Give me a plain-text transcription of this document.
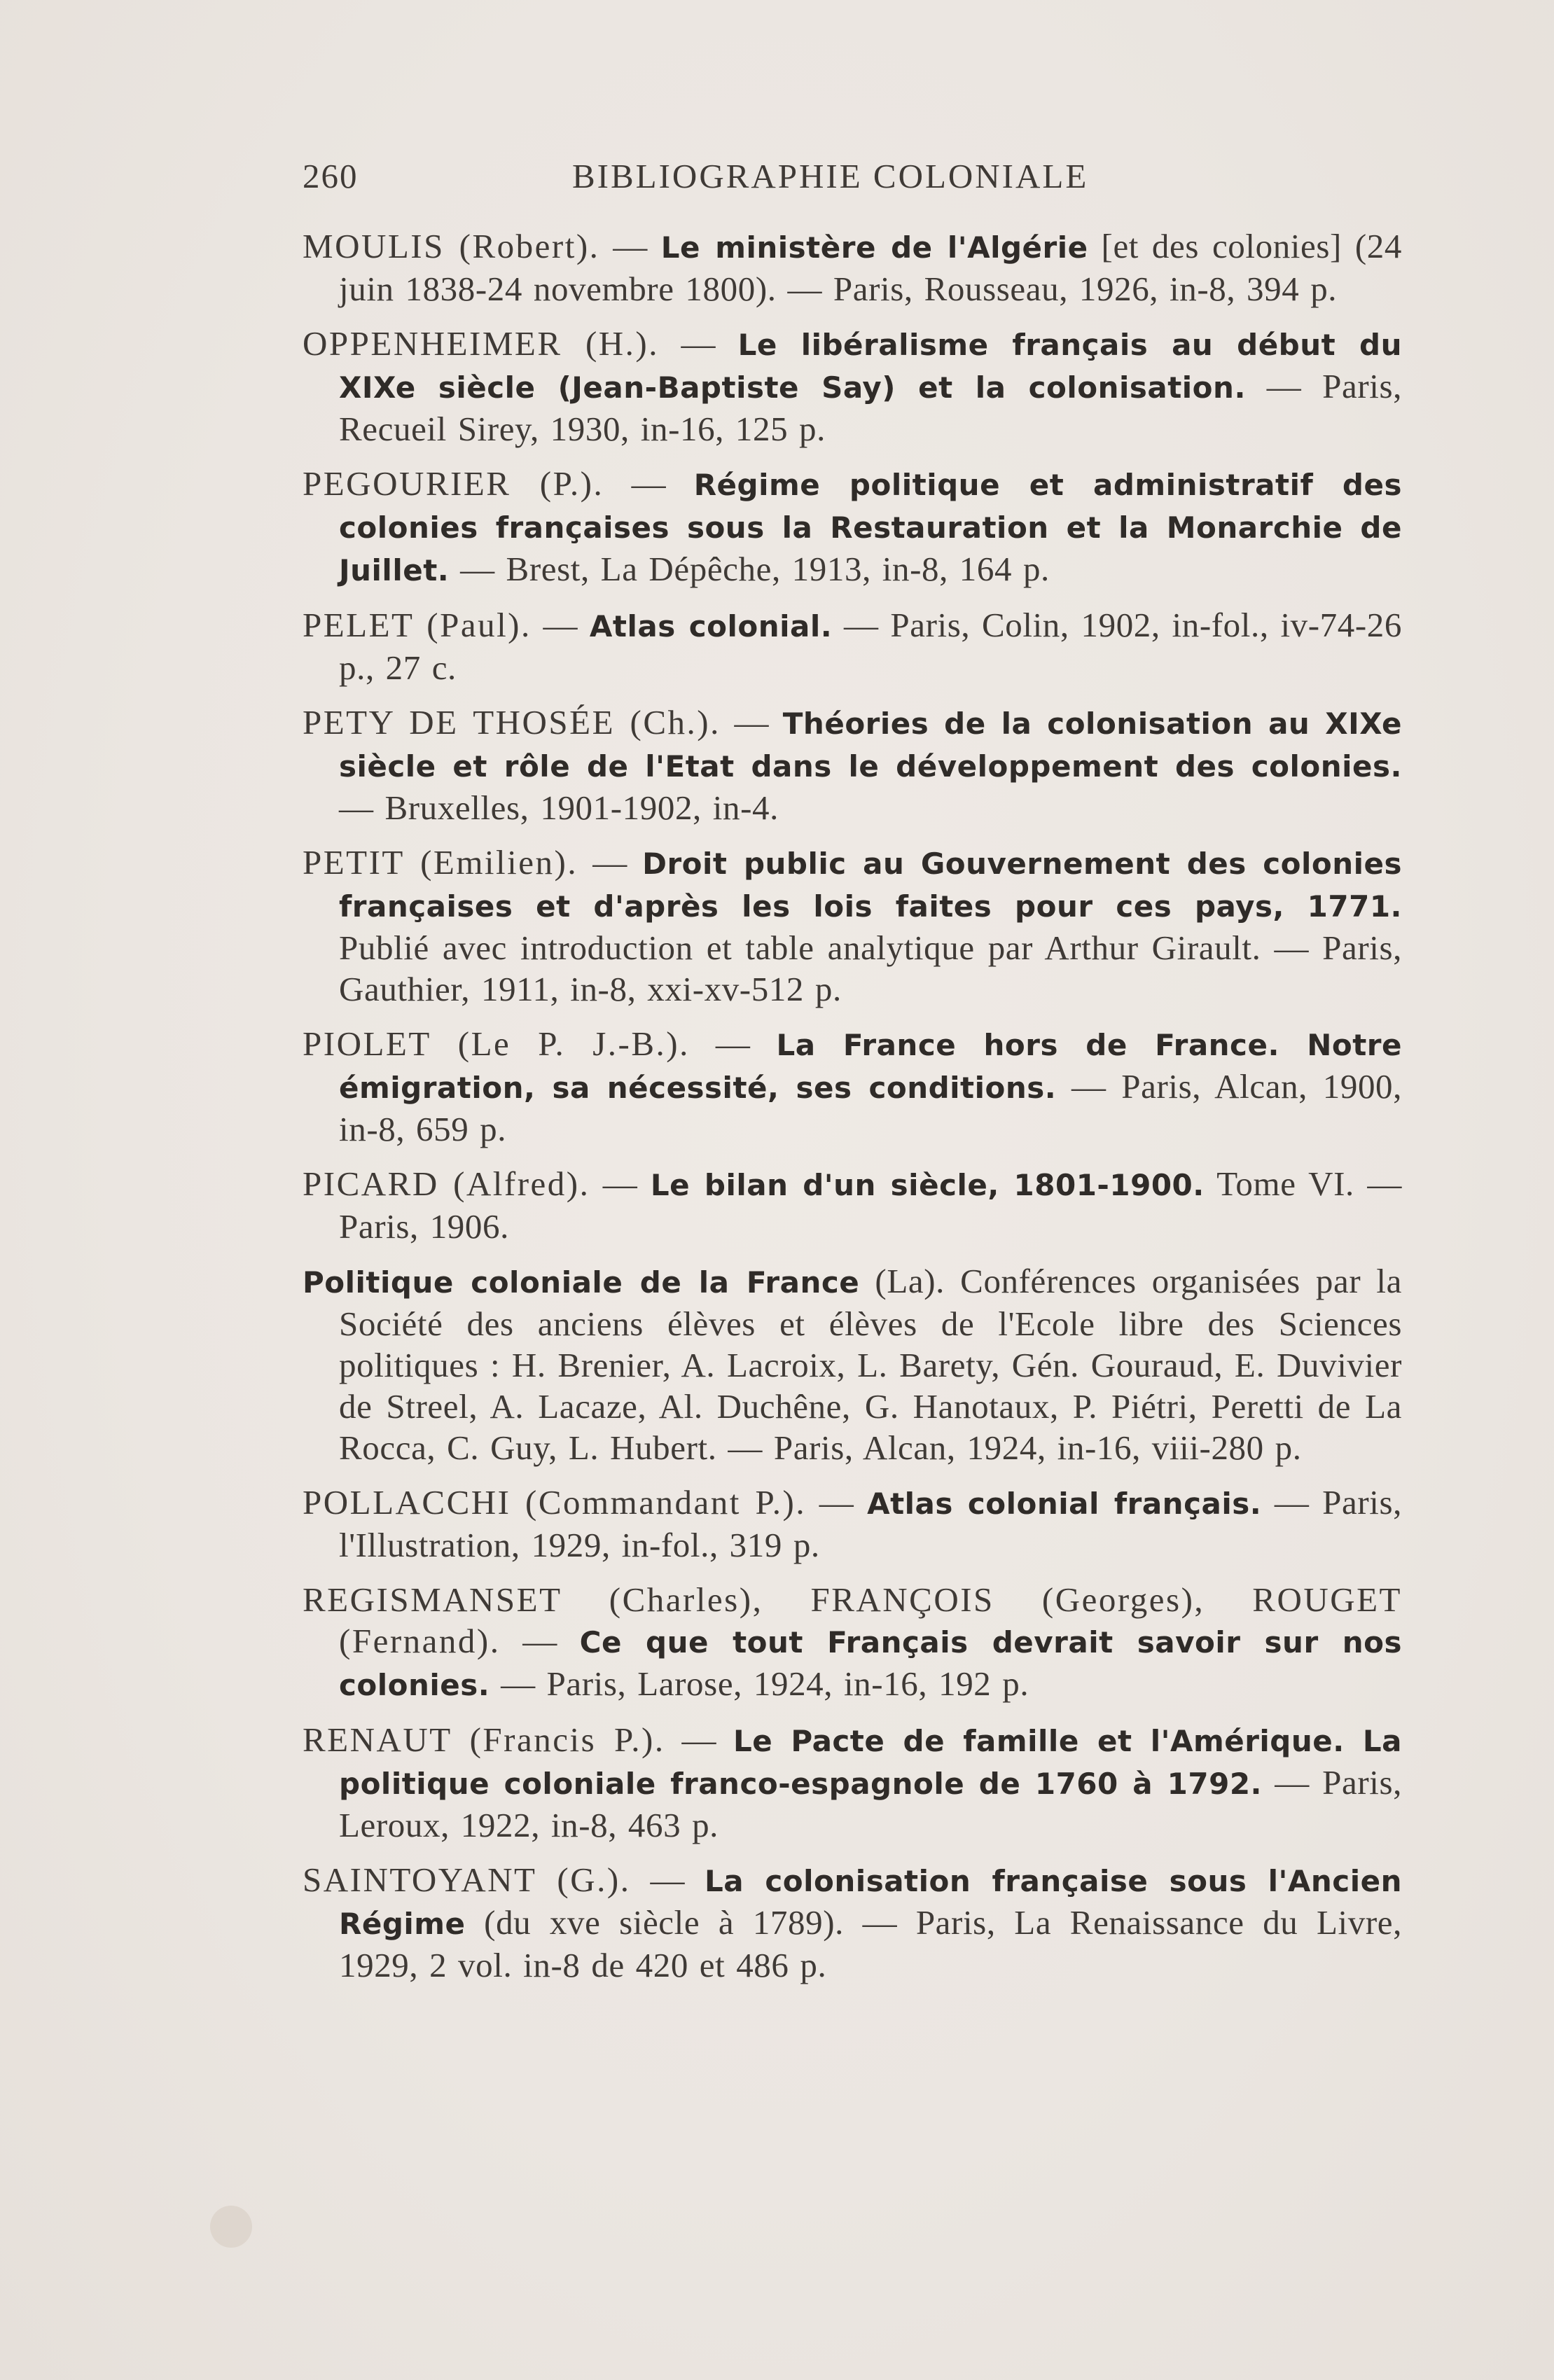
260	BIBLIOGRAPHIE COLONIALE

MOULIS (Robert). — Le ministère de l'Algérie [et des colonies] (24 juin 1838-24 novembre 1800). — Paris, Rousseau, 1926, in-8, 394 p.

OPPENHEIMER (H.). — Le libéralisme français au début du XIXe siècle (Jean-Baptiste Say) et la colonisation. — Paris, Recueil Sirey, 1930, in-16, 125 p.

PEGOURIER (P.). — Régime politique et administratif des colonies françaises sous la Restauration et la Monarchie de Juillet. — Brest, La Dépêche, 1913, in-8, 164 p.

PELET (Paul). — Atlas colonial. — Paris, Colin, 1902, in-fol., iv-74-26 p., 27 c.

PETY DE THOSÉE (Ch.). — Théories de la colonisation au XIXe siècle et rôle de l'Etat dans le développement des colonies. — Bruxelles, 1901-1902, in-4.

PETIT (Emilien). — Droit public au Gouvernement des colonies françaises et d'après les lois faites pour ces pays, 1771. Publié avec introduction et table analytique par Arthur Girault. — Paris, Gauthier, 1911, in-8, xxi-xv-512 p.

PIOLET (Le P. J.-B.). — La France hors de France. Notre émigration, sa nécessité, ses conditions. — Paris, Alcan, 1900, in-8, 659 p.

PICARD (Alfred). — Le bilan d'un siècle, 1801-1900. Tome VI. — Paris, 1906.

Politique coloniale de la France (La). Conférences organisées par la Société des anciens élèves et élèves de l'Ecole libre des Sciences politiques : H. Brenier, A. Lacroix, L. Barety, Gén. Gouraud, E. Duvivier de Streel, A. Lacaze, Al. Duchêne, G. Hanotaux, P. Piétri, Peretti de La Rocca, C. Guy, L. Hubert. — Paris, Alcan, 1924, in-16, viii-280 p.

POLLACCHI (Commandant P.). — Atlas colonial français. — Paris, l'Illustration, 1929, in-fol., 319 p.

REGISMANSET (Charles), FRANÇOIS (Georges), ROUGET (Fernand). — Ce que tout Français devrait savoir sur nos colonies. — Paris, Larose, 1924, in-16, 192 p.

RENAUT (Francis P.). — Le Pacte de famille et l'Amérique. La politique coloniale franco-espagnole de 1760 à 1792. — Paris, Leroux, 1922, in-8, 463 p.

SAINTOYANT (G.). — La colonisation française sous l'Ancien Régime (du xve siècle à 1789). — Paris, La Renaissance du Livre, 1929, 2 vol. in-8 de 420 et 486 p.
